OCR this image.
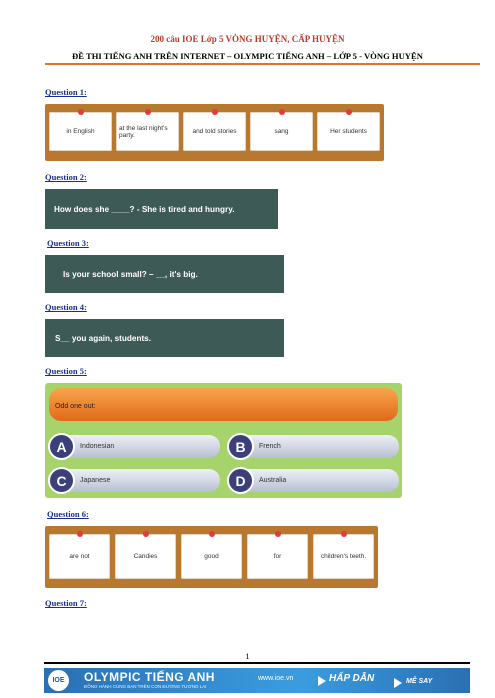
200 câu IOE Lớp 5 VÒNG HUYỆN, CẤP HUYỆN
ĐỀ THI TIẾNG ANH TRÊN INTERNET – OLYMPIC TIẾNG ANH – LỚP 5 - VÒNG HUYỆN
Question 1:
in English	at the last night's party.	and told stories	sang	Her students
Question 2:
How does she ____? - She is tired and hungry.
Question 3:
Is your school small? – __, it's big.
Question 4:
S__ you again, students.
Question 5:
Odd one out:
A	Indonesian	B	French
C	Japanese	D	Australia
Question 6:
are not	Candies	good	for	children's teeth.
Question 7:
1
IOE	OLYMPIC TIẾNG ANH
ĐỒNG HÀNH CÙNG BẠN TRÊN CON ĐƯỜNG TƯƠNG LAI
www.ioe.vn	HẤP DẪN	MÊ SAY
